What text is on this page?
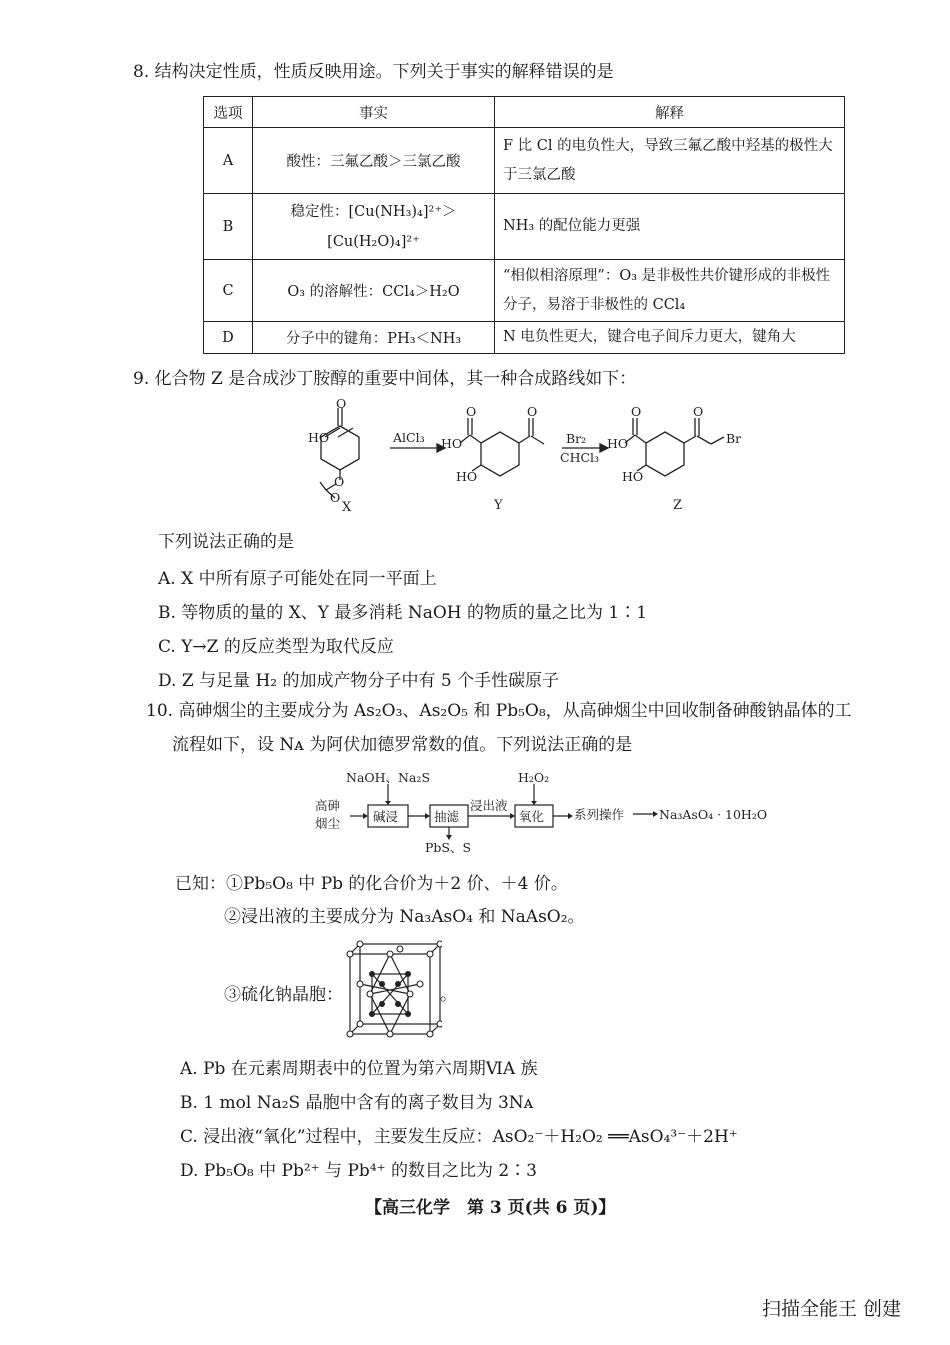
8. 结构决定性质，性质反映用途。下列关于事实的解释错误的是
选项	事实	解释
A	酸性：三氟乙酸＞三氯乙酸	F 比 Cl 的电负性大，导致三氟乙酸中羟基的极性大于三氯乙酸
B	稳定性：[Cu(NH₃)₄]²⁺＞[Cu(H₂O)₄]²⁺	NH₃ 的配位能力更强
C	O₃ 的溶解性：CCl₄＞H₂O	“相似相溶原理”：O₃ 是非极性共价键形成的非极性分子，易溶于非极性的 CCl₄
D	分子中的键角：PH₃＜NH₃	N 电负性更大，键合电子间斥力更大，键角大
9. 化合物 Z 是合成沙丁胺醇的重要中间体，其一种合成路线如下：
O
HO
O
O
AlCl₃
O
HO
HO
O
Br₂
CHCl₃
O
HO
HO
O
Br
X	Y	Z
下列说法正确的是
A. X 中所有原子可能处在同一平面上
B. 等物质的量的 X、Y 最多消耗 NaOH 的物质的量之比为 1∶1
C. Y→Z 的反应类型为取代反应
D. Z 与足量 H₂ 的加成产物分子中有 5 个手性碳原子
10. 高砷烟尘的主要成分为 As₂O₃、As₂O₅ 和 Pb₅O₈，从高砷烟尘中回收制备砷酸钠晶体的工
流程如下，设 Nᴀ 为阿伏加德罗常数的值。下列说法正确的是
NaOH、Na₂S
高砷
烟尘	碱浸	抽滤
浸出液
H₂O₂
氧化
PbS、S
系列操作	Na₃AsO₄ · 10H₂O
已知：①Pb₅O₈ 中 Pb 的化合价为＋2 价、＋4 价。
②浸出液的主要成分为 Na₃AsO₄ 和 NaAsO₂。
③硫化钠晶胞：	。
A. Pb 在元素周期表中的位置为第六周期ⅥA 族
B. 1 mol Na₂S 晶胞中含有的离子数目为 3Nᴀ
C. 浸出液“氧化”过程中，主要发生反应：AsO₂⁻＋H₂O₂ ══AsO₄³⁻＋2H⁺
D. Pb₅O₈ 中 Pb²⁺ 与 Pb⁴⁺ 的数目之比为 2∶3
【高三化学　第 3 页(共 6 页)】
扫描全能王 创建
